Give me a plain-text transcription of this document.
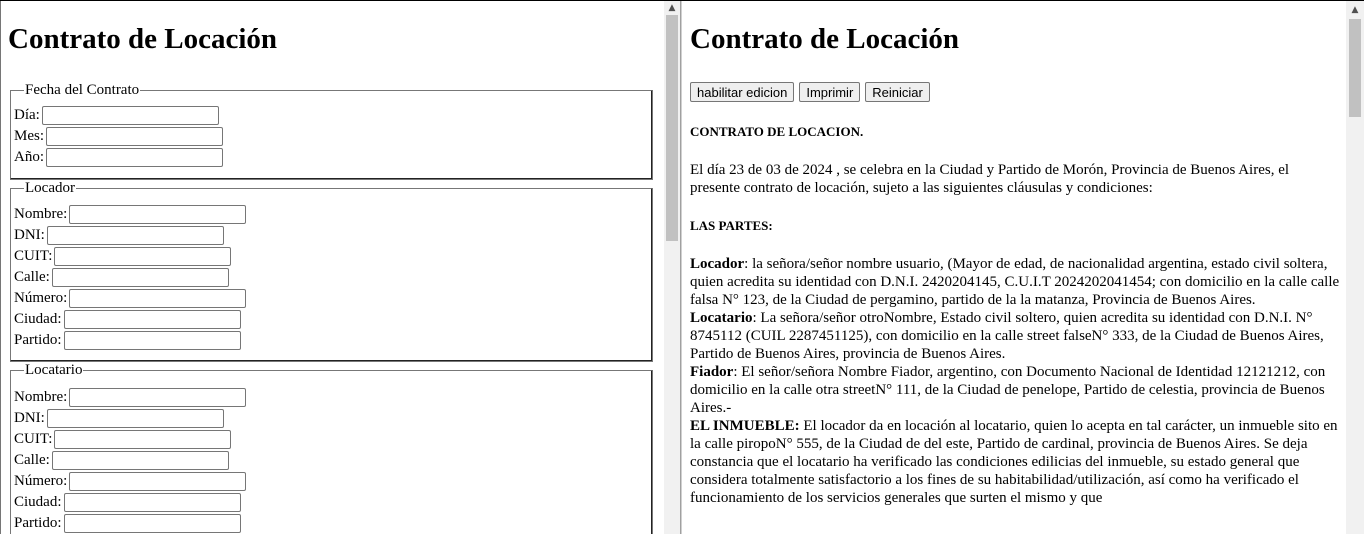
Contrato de Locación
Fecha del Contrato
Día:
Mes:
Año:
Locador
Nombre:
DNI:
CUIT:
Calle:
Número:
Ciudad:
Partido:
Locatario
Nombre:
DNI:
CUIT:
Calle:
Número:
Ciudad:
Partido:
▲
Contrato de Locación
habilitar edicion	Imprimir	Reiniciar

CONTRATO DE LOCACION.

El día 23 de 03 de 2024 , se celebra en la Ciudad y Partido de Morón, Provincia de Buenos Aires, el presente contrato de locación, sujeto a las siguientes cláusulas y condiciones:

LAS PARTES:

Locador: la señora/señor nombre usuario, (Mayor de edad, de nacionalidad argentina, estado civil soltera, quien acredita su identidad con D.N.I. 2420204145, C.U.I.T 2024202041454; con domicilio en la calle calle falsa N° 123, de la Ciudad de pergamino, partido de la la matanza, Provincia de Buenos Aires.

Locatario: La señora/señor otroNombre, Estado civil soltero, quien acredita su identidad con D.N.I. N° 8745112 (CUIL 2287451125), con domicilio en la calle street falseN° 333, de la Ciudad de Buenos Aires, Partido de Buenos Aires, provincia de Buenos Aires.

Fiador: El señor/señora Nombre Fiador, argentino, con Documento Nacional de Identidad 12121212, con domicilio en la calle otra streetN° 111, de la Ciudad de penelope, Partido de celestia, provincia de Buenos Aires.-

EL INMUEBLE: El locador da en locación al locatario, quien lo acepta en tal carácter, un inmueble sito en la calle piropoN° 555, de la Ciudad de del este, Partido de cardinal, provincia de Buenos Aires. Se deja constancia que el locatario ha verificado las condiciones edilicias del inmueble, su estado general que considera totalmente satisfactorio a los fines de su habitabilidad/utilización, así como ha verificado el funcionamiento de los servicios generales que surten el mismo y que

▲
